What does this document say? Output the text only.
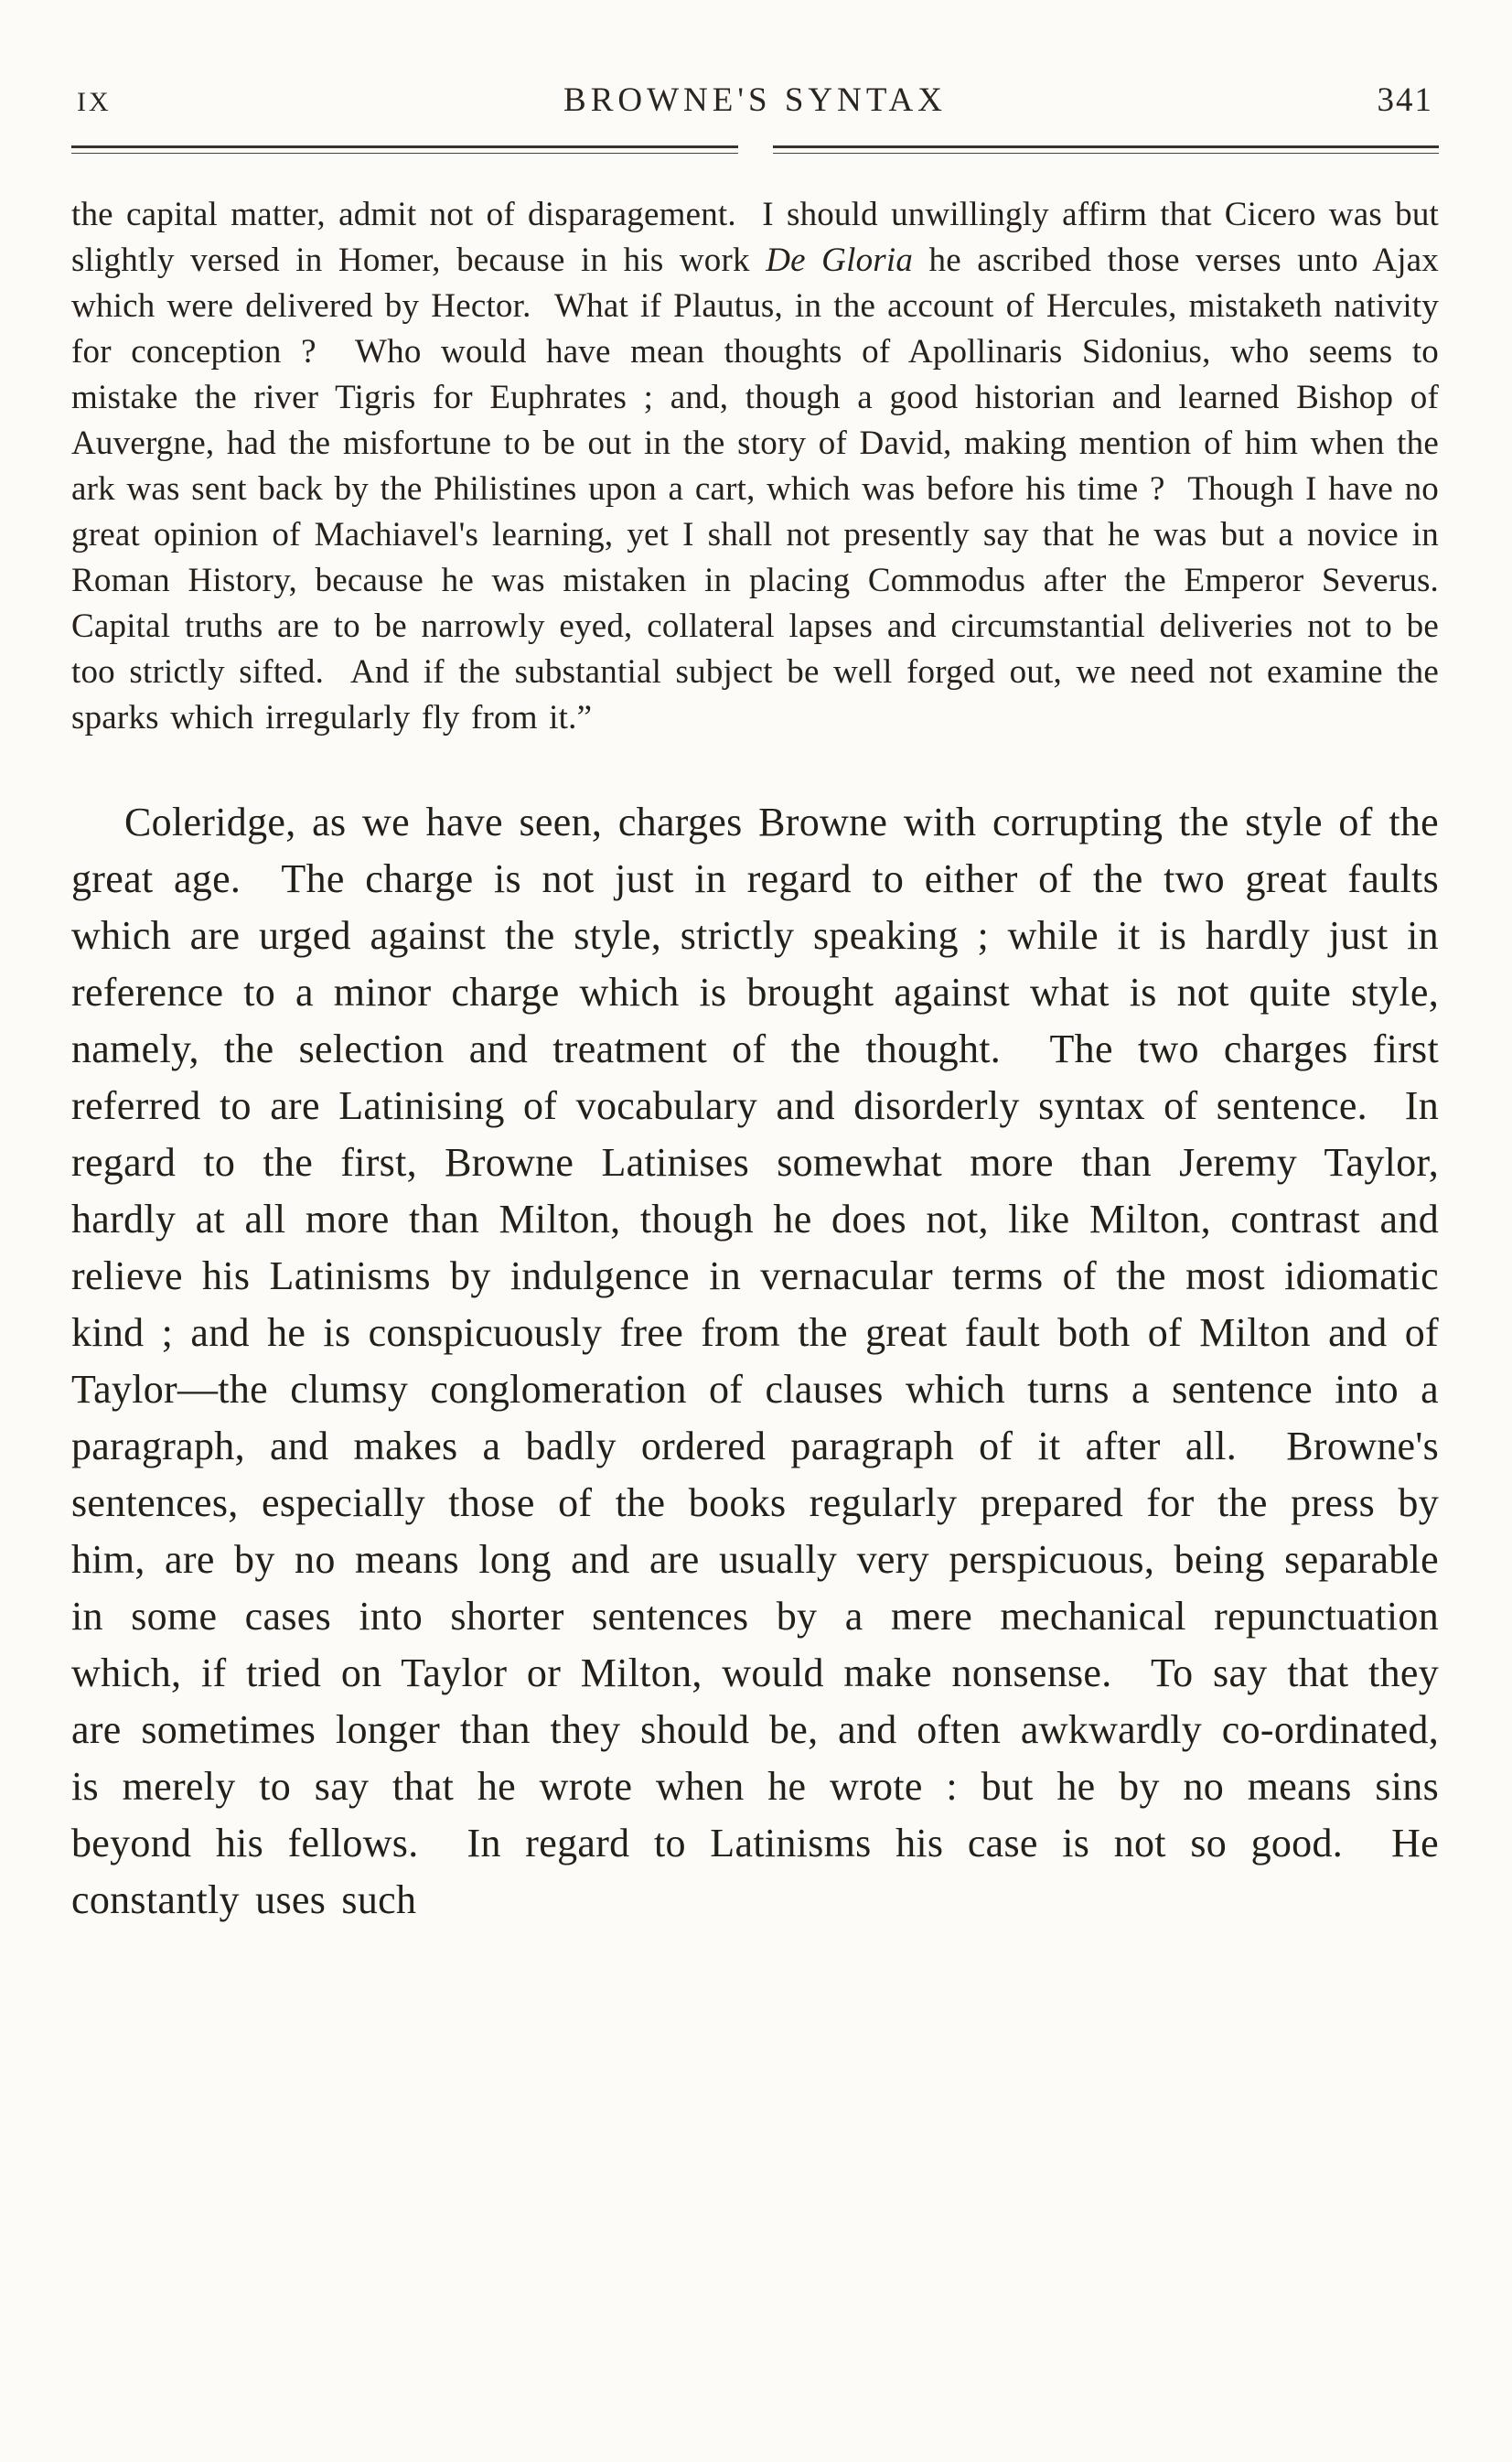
IX	BROWNE'S SYNTAX	341

the capital matter, admit not of disparagement.  I should unwillingly affirm that Cicero was but slightly versed in Homer, because in his work De Gloria he ascribed those verses unto Ajax which were delivered by Hector.  What if Plautus, in the account of Hercules, mistaketh nativity for conception ?  Who would have mean thoughts of Apollinaris Sidonius, who seems to mistake the river Tigris for Euphrates ; and, though a good historian and learned Bishop of Auvergne, had the misfortune to be out in the story of David, making mention of him when the ark was sent back by the Philistines upon a cart, which was before his time ?  Though I have no great opinion of Machiavel's learning, yet I shall not presently say that he was but a novice in Roman History, because he was mistaken in placing Commodus after the Emperor Severus.  Capital truths are to be narrowly eyed, collateral lapses and circumstantial deliveries not to be too strictly sifted.  And if the substantial subject be well forged out, we need not examine the sparks which irregularly fly from it.”

Coleridge, as we have seen, charges Browne with corrupting the style of the great age.  The charge is not just in regard to either of the two great faults which are urged against the style, strictly speaking ; while it is hardly just in reference to a minor charge which is brought against what is not quite style, namely, the selection and treatment of the thought.  The two charges first referred to are Latinising of vocabulary and disorderly syntax of sentence.  In regard to the first, Browne Latinises somewhat more than Jeremy Taylor, hardly at all more than Milton, though he does not, like Milton, contrast and relieve his Latinisms by indulgence in vernacular terms of the most idiomatic kind ; and he is conspicuously free from the great fault both of Milton and of Taylor—the clumsy conglomeration of clauses which turns a sentence into a paragraph, and makes a badly ordered paragraph of it after all.  Browne's sentences, especially those of the books regularly prepared for the press by him, are by no means long and are usually very perspicuous, being separable in some cases into shorter sentences by a mere mechanical repunctuation which, if tried on Taylor or Milton, would make nonsense.  To say that they are sometimes longer than they should be, and often awkwardly co-ordinated, is merely to say that he wrote when he wrote : but he by no means sins beyond his fellows.  In regard to Latinisms his case is not so good.  He constantly uses such
